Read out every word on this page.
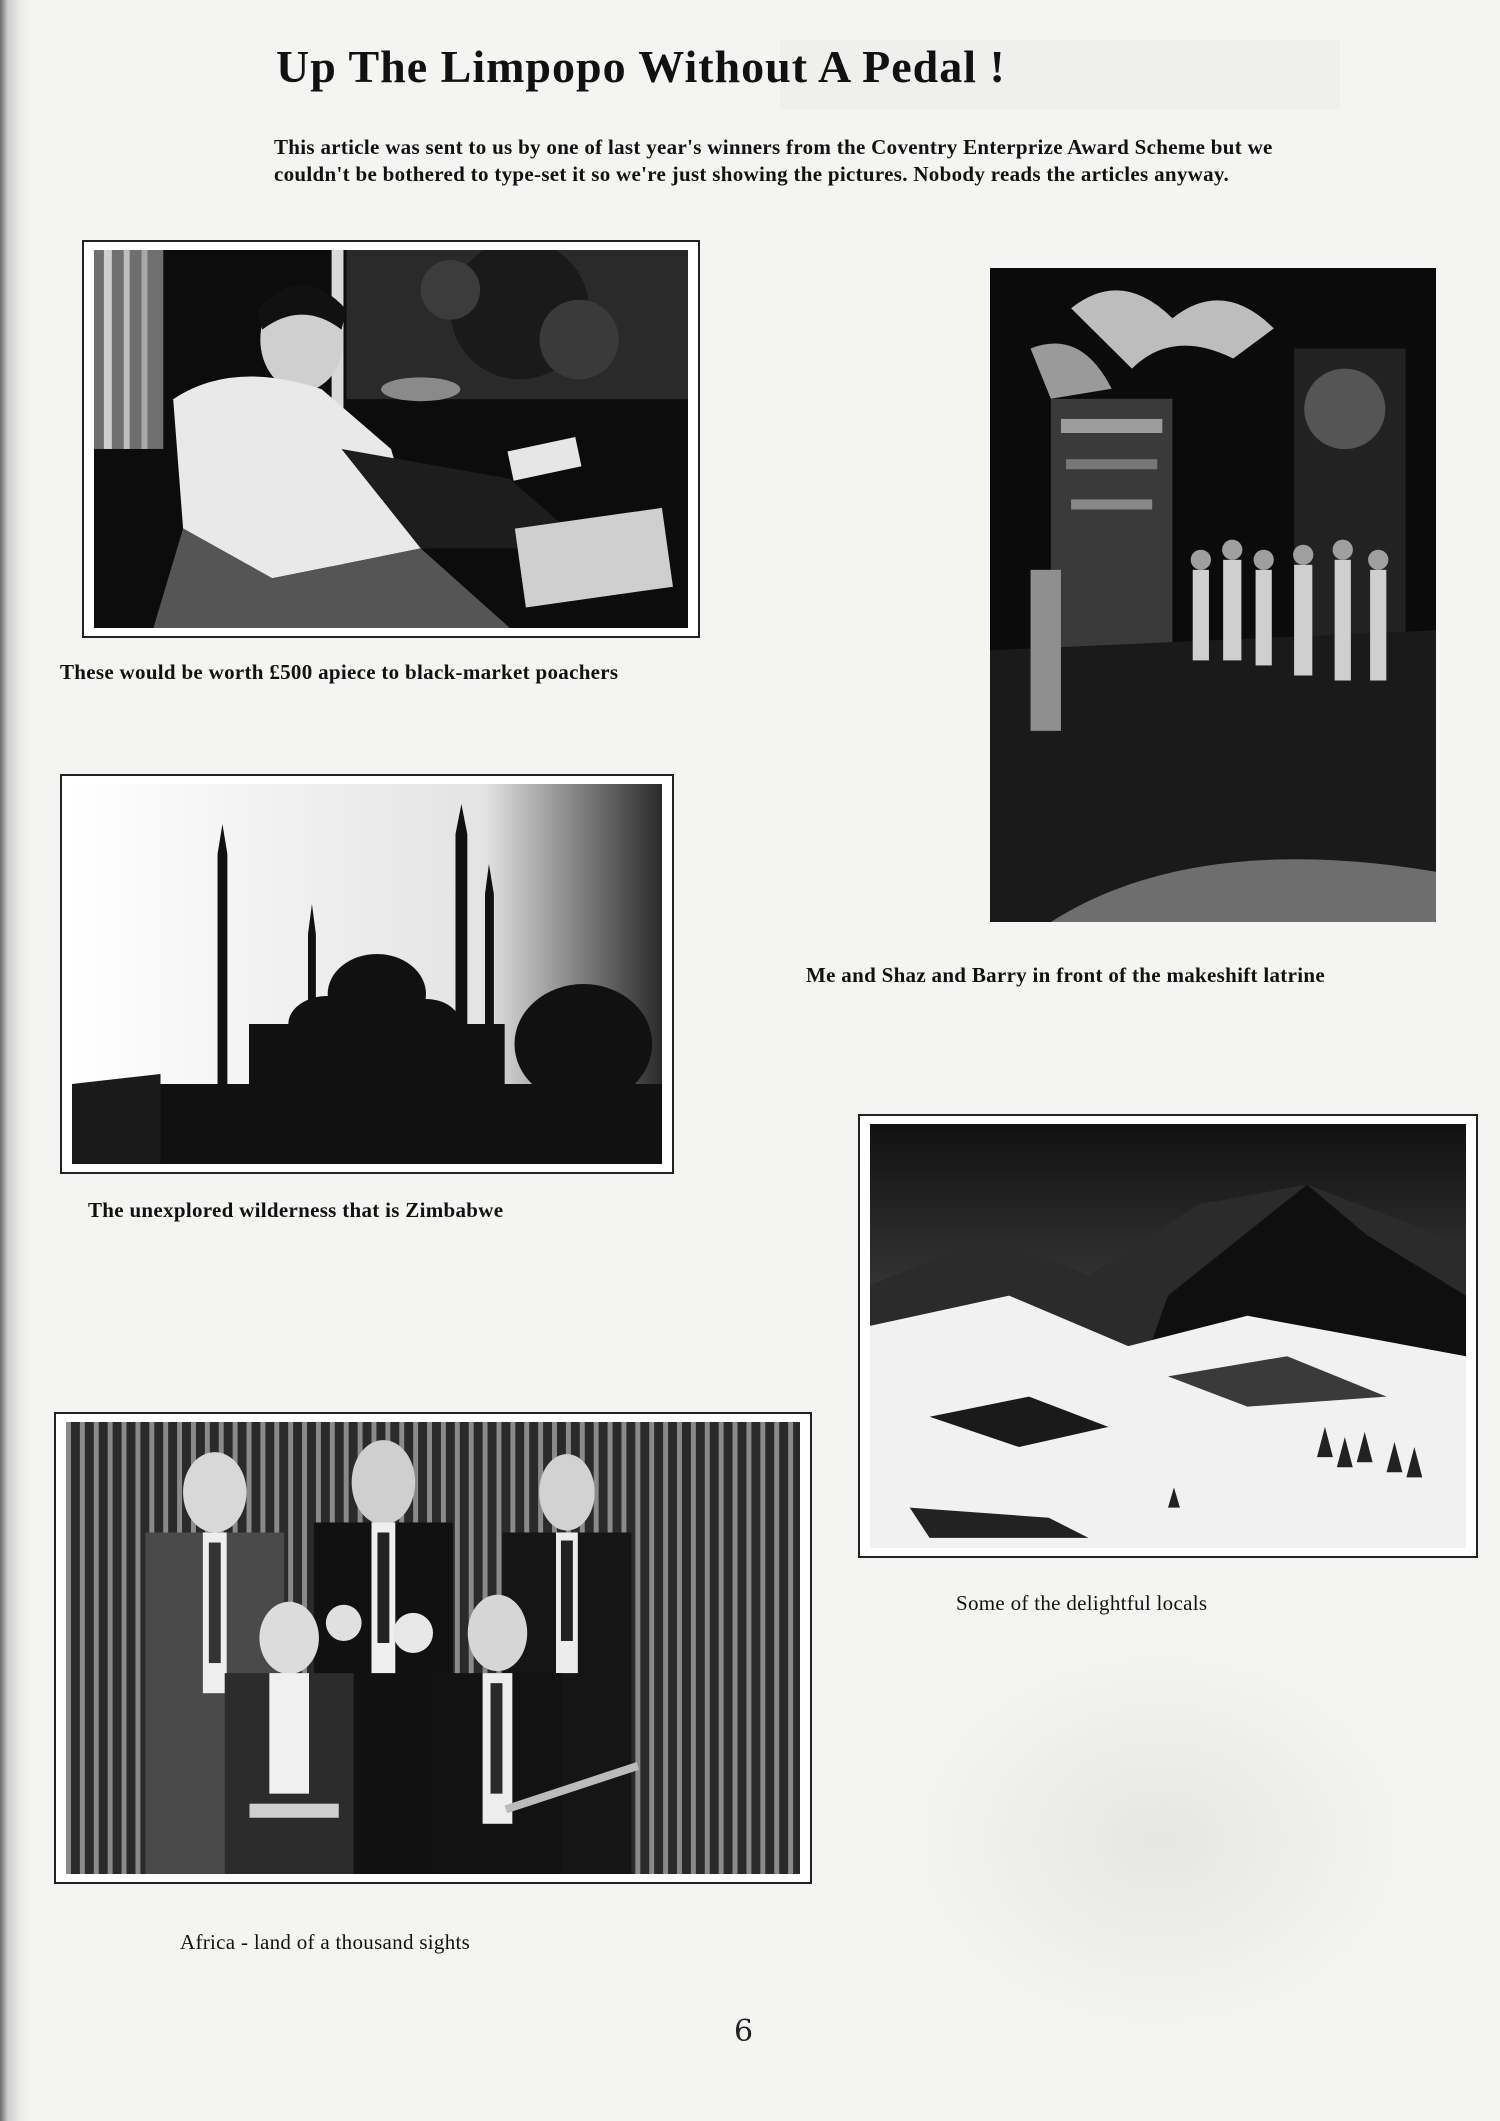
Up The Limpopo Without A Pedal !

This article was sent to us by one of last year's winners from the Coventry Enterprize Award Scheme but we couldn't be bothered to type-set it so we're just showing the pictures. Nobody reads the articles anyway.

These would be worth £500 apiece to black-market poachers

Me and Shaz and Barry in front of the makeshift latrine

The unexplored wilderness that is Zimbabwe

Some of the delightful locals

Africa - land of a thousand sights

6
